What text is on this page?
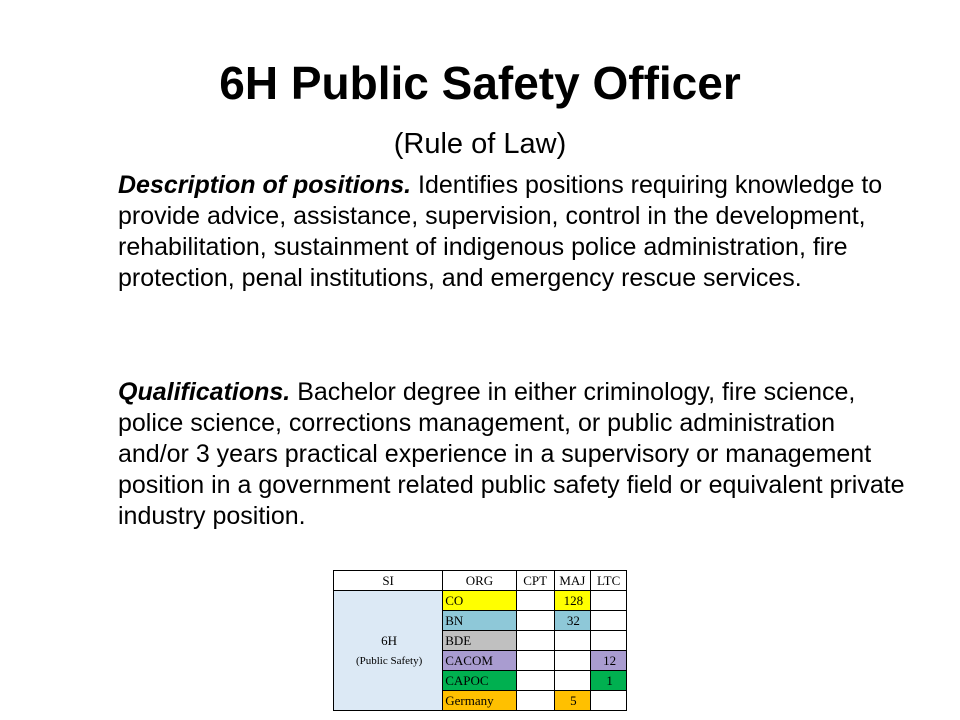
6H Public Safety Officer
(Rule of Law)

Description of positions. Identifies positions requiring knowledge to provide advice, assistance, supervision, control in the development, rehabilitation, sustainment of indigenous police administration, fire protection, penal institutions, and emergency rescue services.

Qualifications. Bachelor degree in either criminology, fire science, police science, corrections management, or public administration and/or 3 years practical experience in a supervisory or management position in a government related public safety field or equivalent private industry position.

SI	ORG	CPT	MAJ	LTC
6H
(Public Safety)	CO		128	
	BN		32	
	BDE			
	CACOM			12
	CAPOC			1
	Germany		5	
